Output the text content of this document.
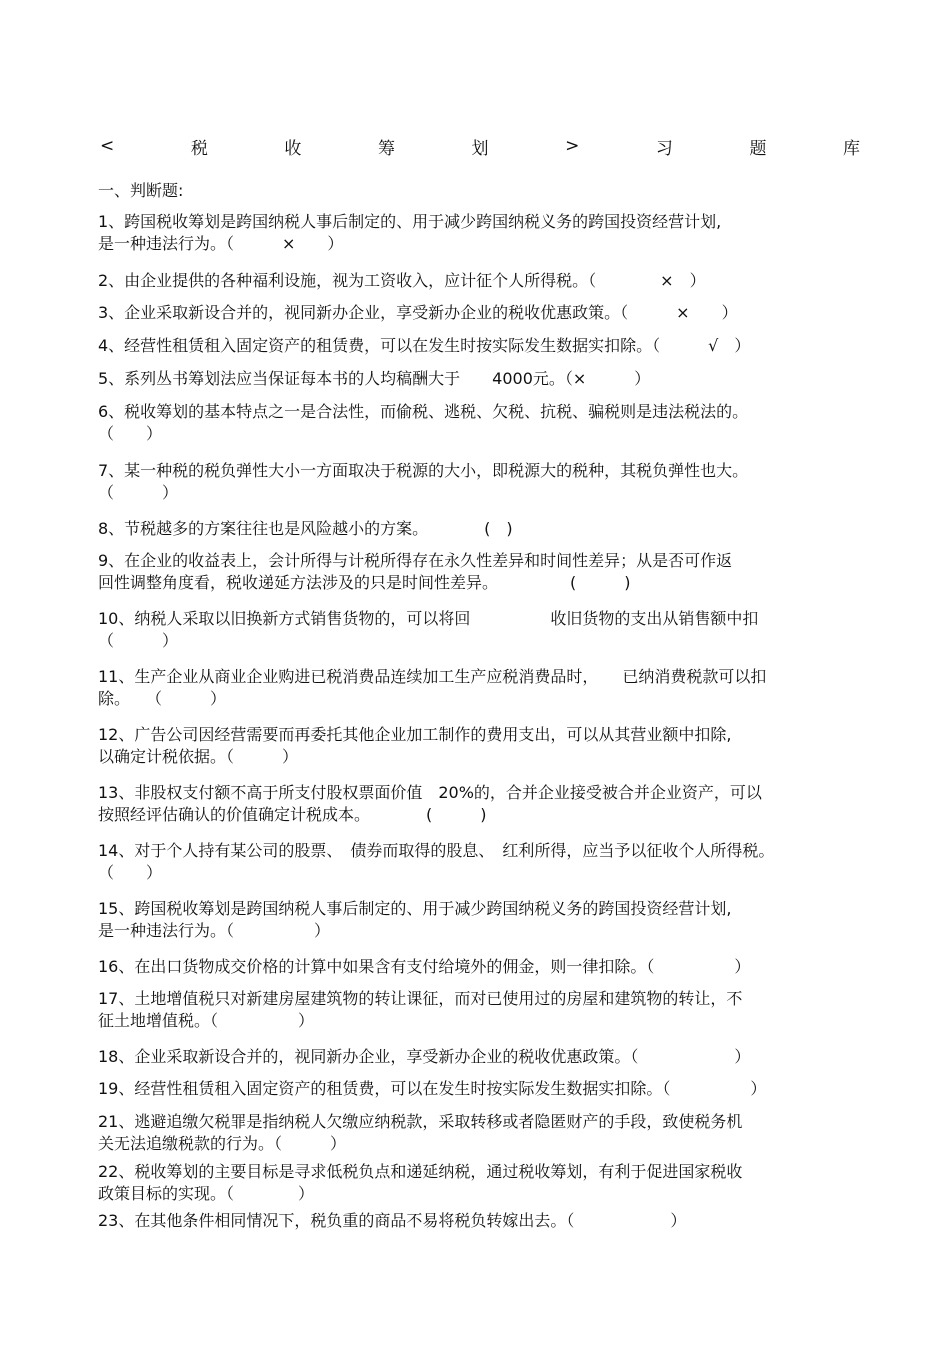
<	税	收	筹	划	>	习	题	库
一、判断题:
1、跨国税收筹划是跨国纳税人事后制定的、用于减少跨国纳税义务的跨国投资经营计划,
是一种违法行为。（　　　×　　）
2、由企业提供的各种福利设施，视为工资收入，应计征个人所得税。（　　　　×　）
3、企业采取新设合并的，视同新办企业，享受新办企业的税收优惠政策。（　　　×　　）
4、经营性租赁租入固定资产的租赁费，可以在发生时按实际发生数据实扣除。（　　　√　）
5、系列丛书筹划法应当保证每本书的人均稿酬大于　　4000元。（×　　　）
6、税收筹划的基本特点之一是合法性，而偷税、逃税、欠税、抗税、骗税则是违法税法的。
（　　）
7、某一种税的税负弹性大小一方面取决于税源的大小，即税源大的税种，其税负弹性也大。
（　　　）
8、节税越多的方案往往也是风险越小的方案。　　　　(　)
9、在企业的收益表上，会计所得与计税所得存在永久性差异和时间性差异；从是否可作返
回性调整角度看，税收递延方法涉及的只是时间性差异。　　　　　(　　　)
10、纳税人采取以旧换新方式销售货物的，可以将回　　　　　收旧货物的支出从销售额中扣
（　　　）
11、生产企业从商业企业购进已税消费品连续加工生产应税消费品时，　　已纳消费税款可以扣
除。　　（　　　）
12、广告公司因经营需要而再委托其他企业加工制作的费用支出，可以从其营业额中扣除,
以确定计税依据。（　　　）
13、非股权支付额不高于所支付股权票面价值　20%的，合并企业接受被合并企业资产，可以
按照经评估确认的价值确定计税成本。　　　　(　　　)
14、对于个人持有某公司的股票、　债券而取得的股息、　红利所得，应当予以征收个人所得税。
（　　）
15、跨国税收筹划是跨国纳税人事后制定的、用于减少跨国纳税义务的跨国投资经营计划,
是一种违法行为。（　　　　　）
16、在出口货物成交价格的计算中如果含有支付给境外的佣金，则一律扣除。（　　　　　）
17、土地增值税只对新建房屋建筑物的转让课征，而对已使用过的房屋和建筑物的转让，不
征土地增值税。（　　　　　）
18、企业采取新设合并的，视同新办企业，享受新办企业的税收优惠政策。（　　　　　　）
19、经营性租赁租入固定资产的租赁费，可以在发生时按实际发生数据实扣除。（　　　　　）
21、逃避追缴欠税罪是指纳税人欠缴应纳税款，采取转移或者隐匿财产的手段，致使税务机
关无法追缴税款的行为。（　　　）
22、税收筹划的主要目标是寻求低税负点和递延纳税，通过税收筹划，有利于促进国家税收
政策目标的实现。（　　　　）
23、在其他条件相同情况下，税负重的商品不易将税负转嫁出去。（　　　　　　）
